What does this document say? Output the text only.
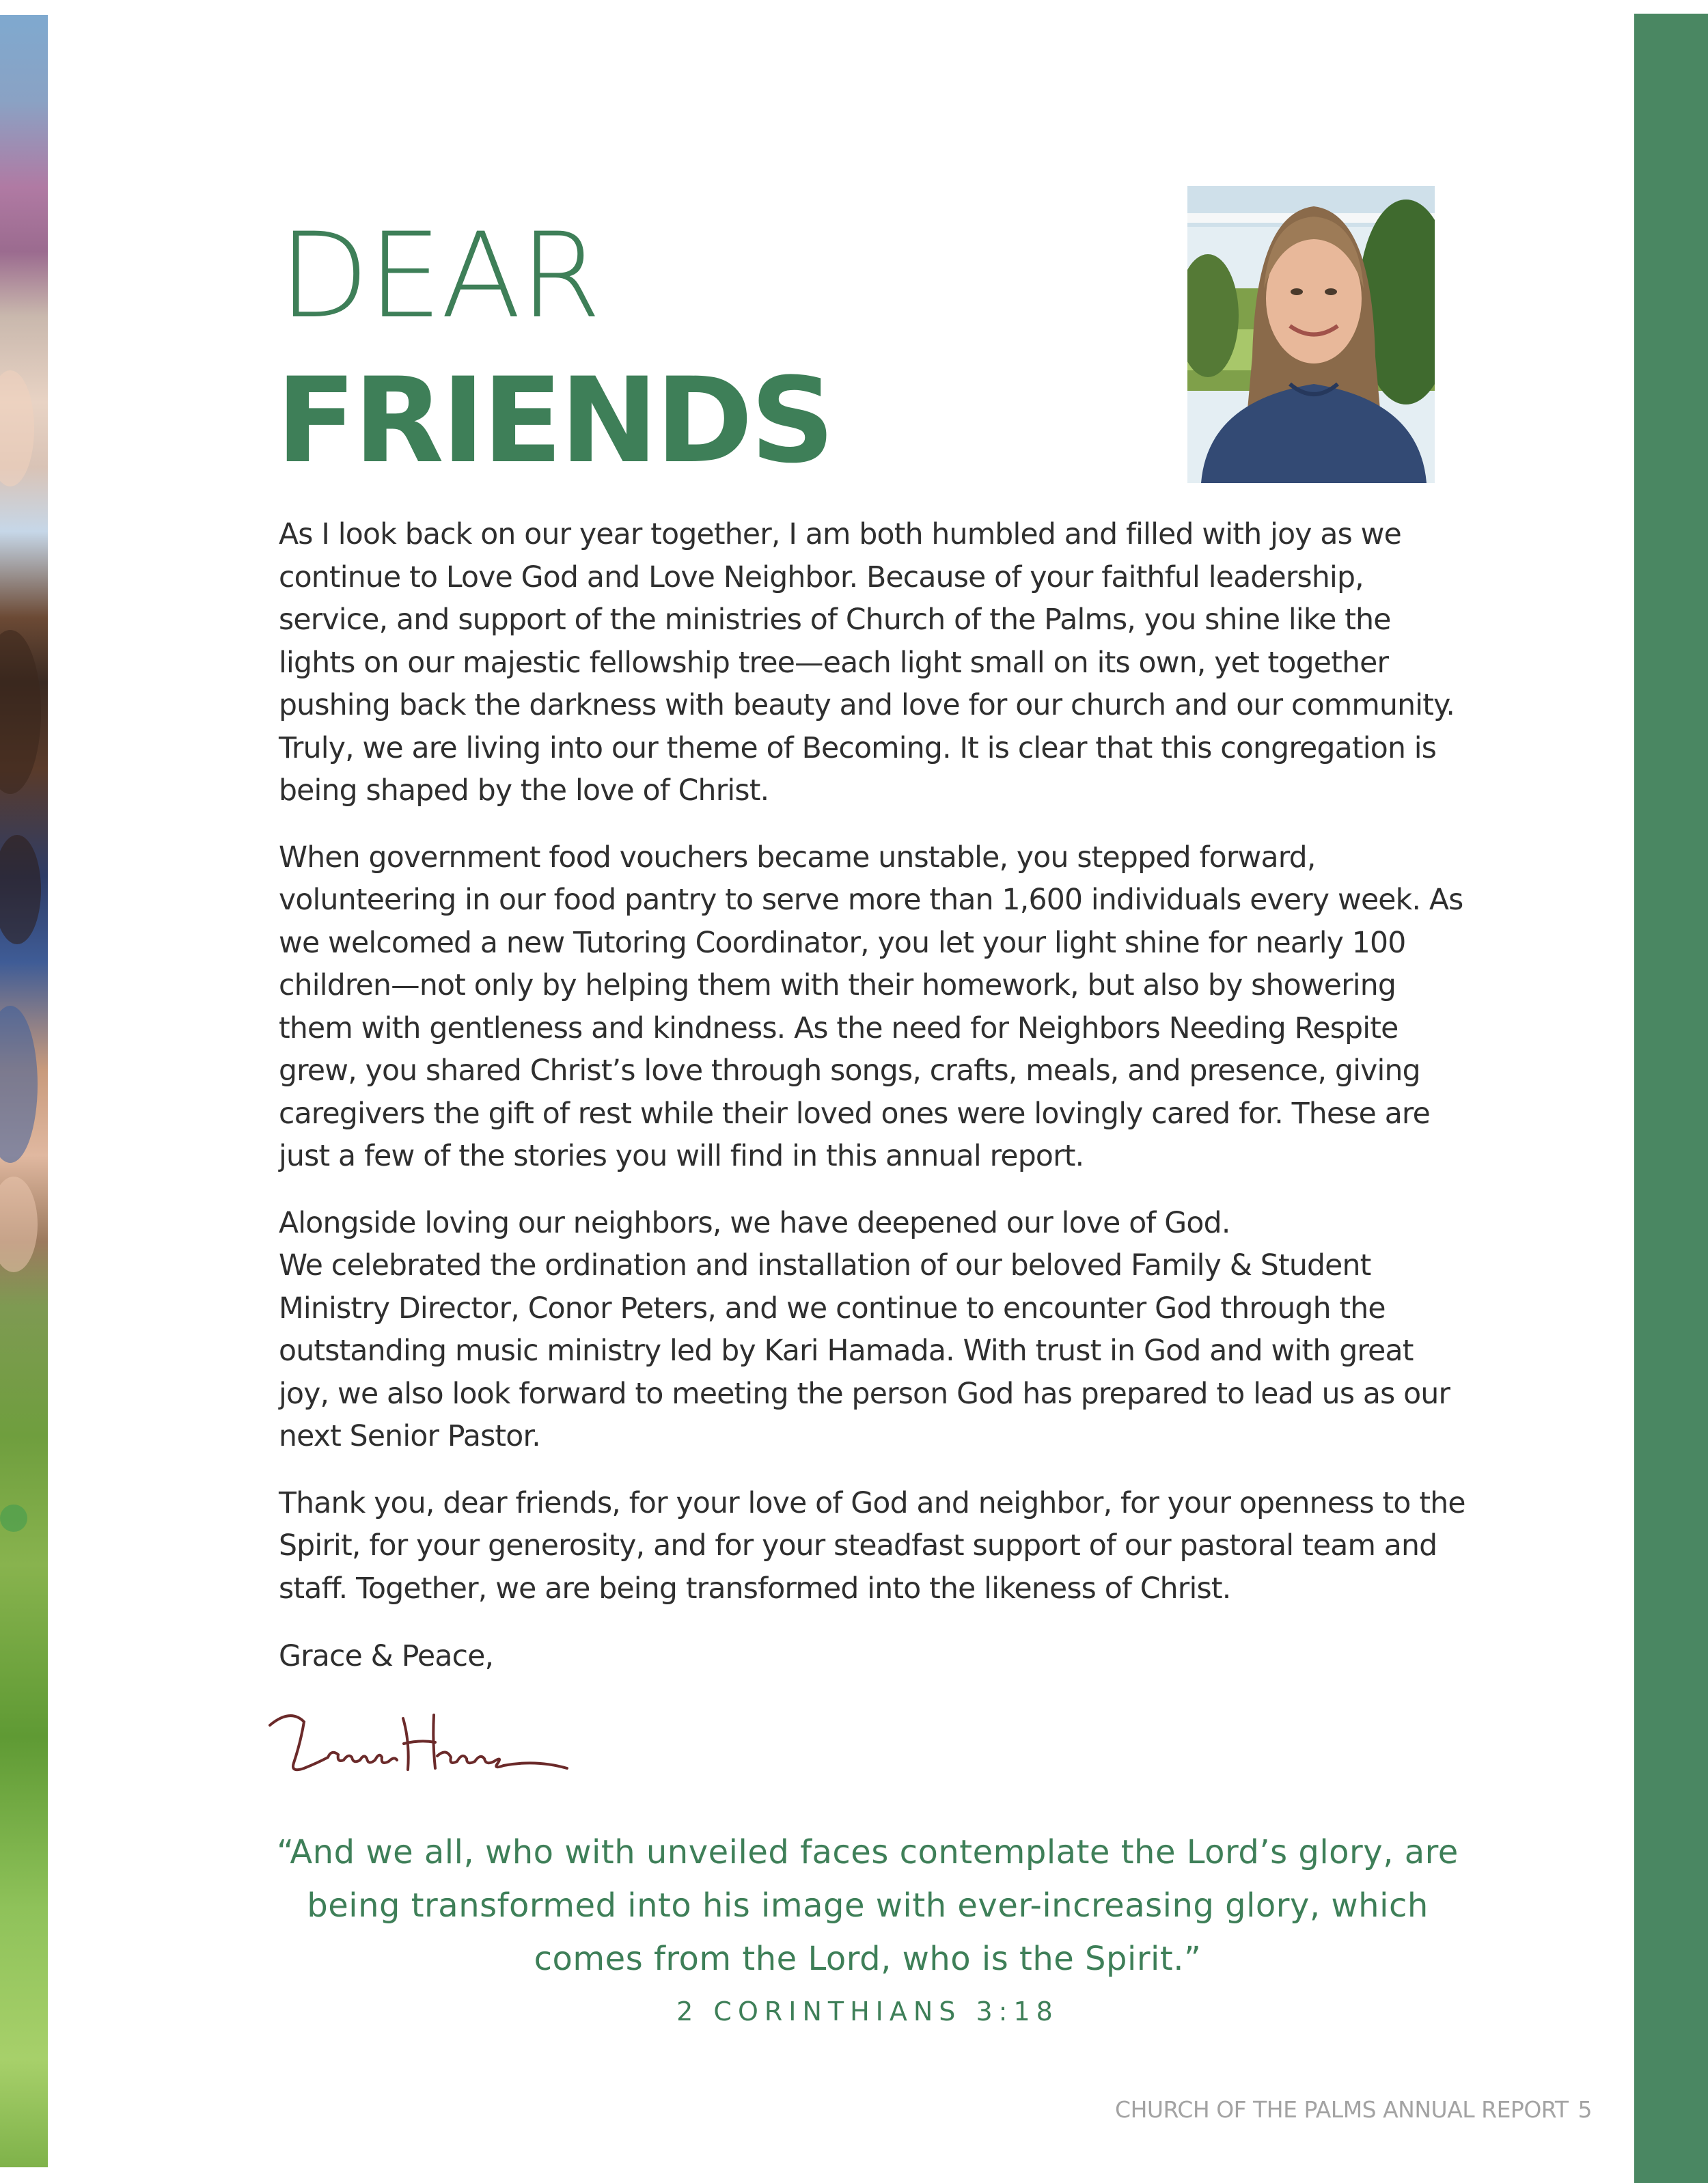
DEAR
FRIENDS

As I look back on our year together, I am both humbled and filled with joy as we continue to Love God and Love Neighbor. Because of your faithful leadership, service, and support of the ministries of Church of the Palms, you shine like the lights on our majestic fellowship tree—each light small on its own, yet together pushing back the darkness with beauty and love for our church and our community. Truly, we are living into our theme of Becoming. It is clear that this congregation is being shaped by the love of Christ.

When government food vouchers became unstable, you stepped forward, volunteering in our food pantry to serve more than 1,600 individuals every week. As we welcomed a new Tutoring Coordinator, you let your light shine for nearly 100 children—not only by helping them with their homework, but also by showering them with gentleness and kindness. As the need for Neighbors Needing Respite grew, you shared Christ’s love through songs, crafts, meals, and presence, giving caregivers the gift of rest while their loved ones were lovingly cared for. These are just a few of the stories you will find in this annual report.

Alongside loving our neighbors, we have deepened our love of God.
We celebrated the ordination and installation of our beloved Family & Student Ministry Director, Conor Peters, and we continue to encounter God through the outstanding music ministry led by Kari Hamada. With trust in God and with great joy, we also look forward to meeting the person God has prepared to lead us as our next Senior Pastor.

Thank you, dear friends, for your love of God and neighbor, for your openness to the Spirit, for your generosity, and for your steadfast support of our pastoral team and staff. Together, we are being transformed into the likeness of Christ.

Grace & Peace,
“And we all, who with unveiled faces contemplate the Lord’s glory, are
being transformed into his image with ever-increasing glory, which
comes from the Lord, who is the Spirit.”
2 CORINTHIANS 3:18
CHURCH OF THE PALMS ANNUAL REPORT 5
